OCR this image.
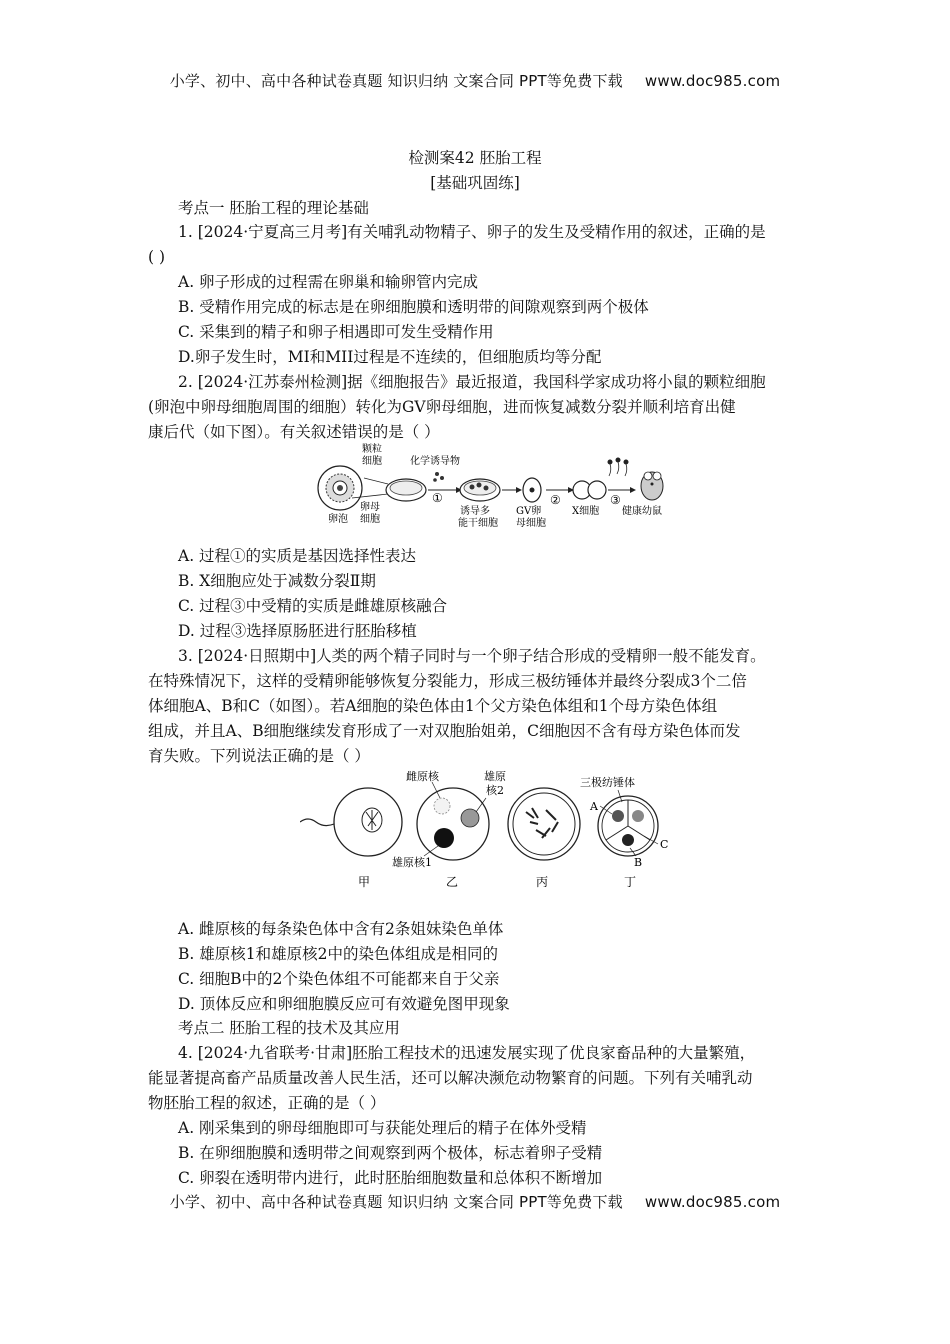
小学、初中、高中各种试卷真题 知识归纳 文案合同 PPT等免费下载 www.doc985.com
检测案42 胚胎工程
[基础巩固练]
考点一 胚胎工程的理论基础
1. [2024·宁夏高三月考]有关哺乳动物精子、卵子的发生及受精作用的叙述，正确的是
( )
A. 卵子形成的过程需在卵巢和输卵管内完成
B. 受精作用完成的标志是在卵细胞膜和透明带的间隙观察到两个极体
C. 采集到的精子和卵子相遇即可发生受精作用
D.卵子发生时，MI和MII过程是不连续的，但细胞质均等分配
2. [2024·江苏泰州检测]据《细胞报告》最近报道，我国科学家成功将小鼠的颗粒细胞
(卵泡中卵母细胞周围的细胞）转化为GV卵母细胞，进而恢复减数分裂并顺利培育出健
康后代（如下图）。有关叙述错误的是（ ）
卵泡
颗粒
细胞
卵母
细胞
化学诱导物
①
诱导多
能干细胞
GV卵
母细胞
②
X细胞
③
健康幼鼠
A. 过程①的实质是基因选择性表达
B. X细胞应处于减数分裂Ⅱ期
C. 过程③中受精的实质是雌雄原核融合
D. 过程③选择原肠胚进行胚胎移植
3. [2024·日照期中]人类的两个精子同时与一个卵子结合形成的受精卵一般不能发育。
在特殊情况下，这样的受精卵能够恢复分裂能力，形成三极纺锤体并最终分裂成3个二倍
体细胞A、B和C（如图）。若A细胞的染色体由1个父方染色体组和1个母方染色体组
组成，并且A、B细胞继续发育形成了一对双胞胎姐弟，C细胞因不含有母方染色体而发
育失败。下列说法正确的是（ ）
甲
雌原核	雄原
核2
雄原核1
乙	丙
三极纺锤体
A
C
B
丁
A. 雌原核的每条染色体中含有2条姐妹染色单体
B. 雄原核1和雄原核2中的染色体组成是相同的
C. 细胞B中的2个染色体组不可能都来自于父亲
D. 顶体反应和卵细胞膜反应可有效避免图甲现象
考点二 胚胎工程的技术及其应用
4. [2024·九省联考·甘肃]胚胎工程技术的迅速发展实现了优良家畜品种的大量繁殖，
能显著提高畜产品质量改善人民生活，还可以解决濒危动物繁育的问题。下列有关哺乳动
物胚胎工程的叙述，正确的是（ ）
A. 刚采集到的卵母细胞即可与获能处理后的精子在体外受精
B. 在卵细胞膜和透明带之间观察到两个极体，标志着卵子受精
C. 卵裂在透明带内进行，此时胚胎细胞数量和总体积不断增加
小学、初中、高中各种试卷真题 知识归纳 文案合同 PPT等免费下载 www.doc985.com
